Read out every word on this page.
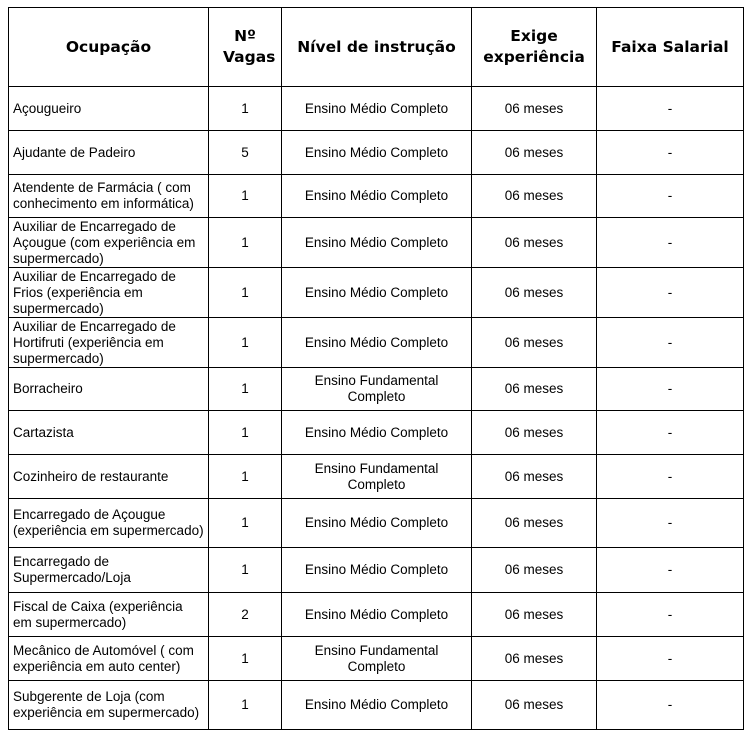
Ocupação	Nº Vagas	Nível de instrução	Exige experiência	Faixa Salarial
Açougueiro	1	Ensino Médio Completo	06 meses	-
Ajudante de Padeiro	5	Ensino Médio Completo	06 meses	-
Atendente de Farmácia ( com conhecimento em informática)	1	Ensino Médio Completo	06 meses	-
Auxiliar de Encarregado de Açougue (com experiência em supermercado)	1	Ensino Médio Completo	06 meses	-
Auxiliar de Encarregado de Frios (experiência em supermercado)	1	Ensino Médio Completo	06 meses	-
Auxiliar de Encarregado de Hortifruti (experiência em supermercado)	1	Ensino Médio Completo	06 meses	-
Borracheiro	1	Ensino Fundamental Completo	06 meses	-
Cartazista	1	Ensino Médio Completo	06 meses	-
Cozinheiro de restaurante	1	Ensino Fundamental Completo	06 meses	-
Encarregado de Açougue (experiência em supermercado)	1	Ensino Médio Completo	06 meses	-
Encarregado de Supermercado/Loja	1	Ensino Médio Completo	06 meses	-
Fiscal de Caixa (experiência em supermercado)	2	Ensino Médio Completo	06 meses	-
Mecânico de Automóvel ( com experiência em auto center)	1	Ensino Fundamental Completo	06 meses	-
Subgerente de Loja (com experiência em supermercado)	1	Ensino Médio Completo	06 meses	-
